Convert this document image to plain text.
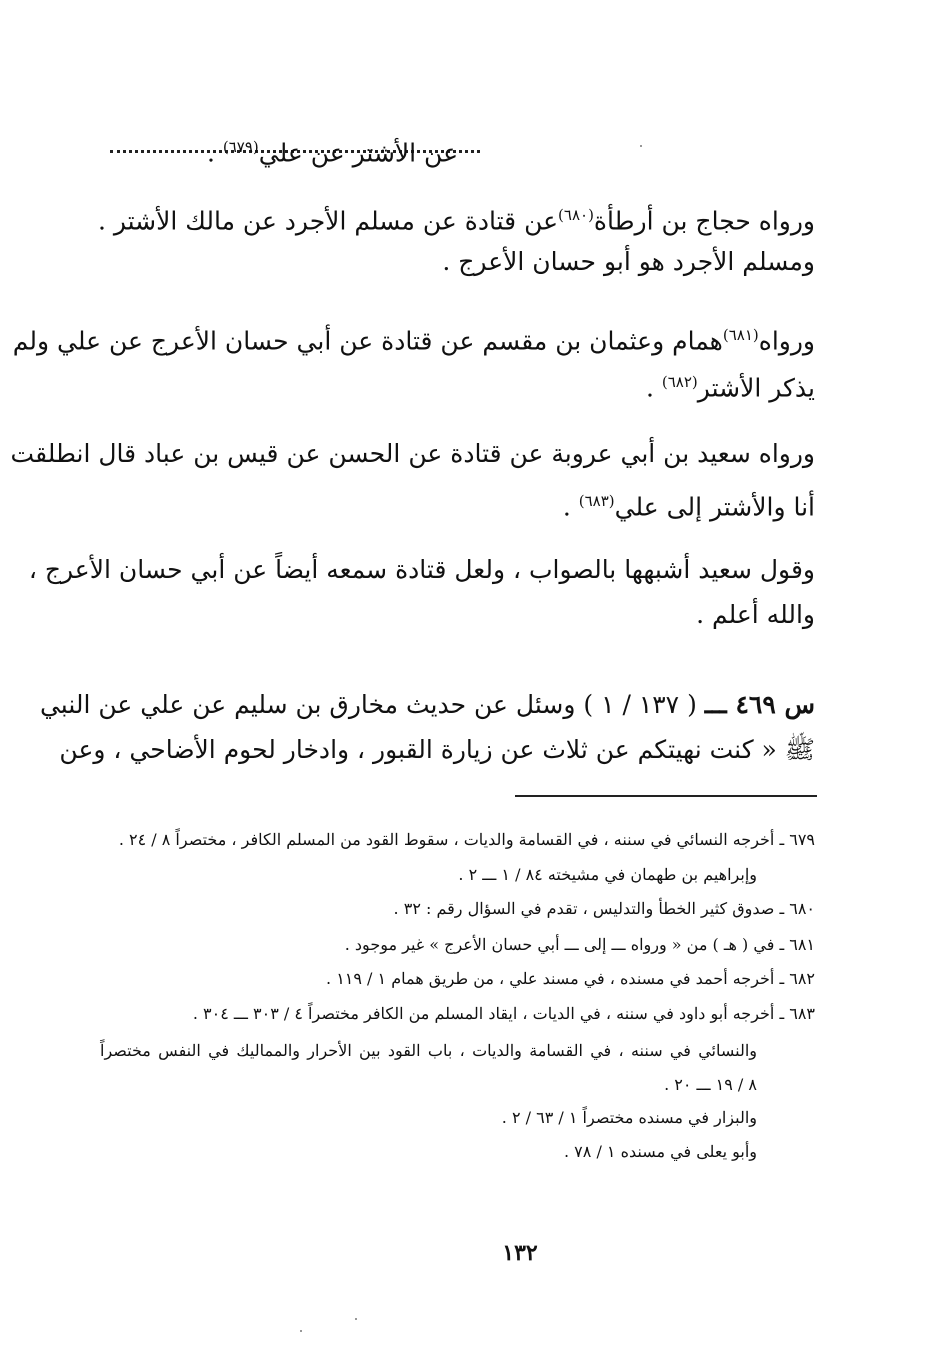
عن الأشتر عن علي$^{(٦٧٩)}$ .
ورواه حجاج بن أرطأة$^{(٦٨٠)}$عن قتادة عن مسلم الأجرد عن مالك الأشتر .
ومسلم الأجرد هو أبو حسان الأعرج .
ورواه$^{(٦٨١)}$همام وعثمان بن مقسم عن قتادة عن أبي حسان الأعرج عن علي ولم
يذكر الأشتر$^{(٦٨٢)}$ .
ورواه سعيد بن أبي عروبة عن قتادة عن الحسن عن قيس بن عباد قال انطلقت
أنا والأشتر إلى علي$^{(٦٨٣)}$ .
وقول سعيد أشبهها بالصواب ، ولعل قتادة سمعه أيضاً عن أبي حسان الأعرج ،
والله أعلم .
س ٤٦٩ ـــ ( ١٣٧ / ١ ) وسئل عن حديث مخارق بن سليم عن علي عن النبي
ﷺ « كنت نهيتكم عن ثلاث عن زيارة القبور ، وادخار لحوم الأضاحي ، وعن
٦٧٩ ـ أخرجه النسائي في سننه ، في القسامة والديات ، سقوط القود من المسلم الكافر ، مختصراً ٨ / ٢٤ .
وإبراهيم بن طهمان في مشيخته ٨٤ / ١ ـــ ٢ .
٦٨٠ ـ صدوق كثير الخطأ والتدليس ، تقدم في السؤال رقم : ٣٢ .
٦٨١ ـ في ( هـ ) من « ورواه ـــ إلى ـــ أبي حسان الأعرج » غير موجود .
٦٨٢ ـ أخرجه أحمد في مسنده ، في مسند علي ، من طريق همام ١ / ١١٩ .
٦٨٣ ـ أخرجه أبو داود في سننه ، في الديات ، ايقاد المسلم من الكافر مختصراً ٤ / ٣٠٣ ـــ ٣٠٤ .
والنسائي في سننه ، في القسامة والديات ، باب القود بين الأحرار والمماليك في النفس مختصراً
٨ / ١٩ ـــ ٢٠ .
والبزار في مسنده مختصراً ١ / ٦٣ / ٢ .
وأبو يعلى في مسنده ١ / ٧٨ .
١٣٢
